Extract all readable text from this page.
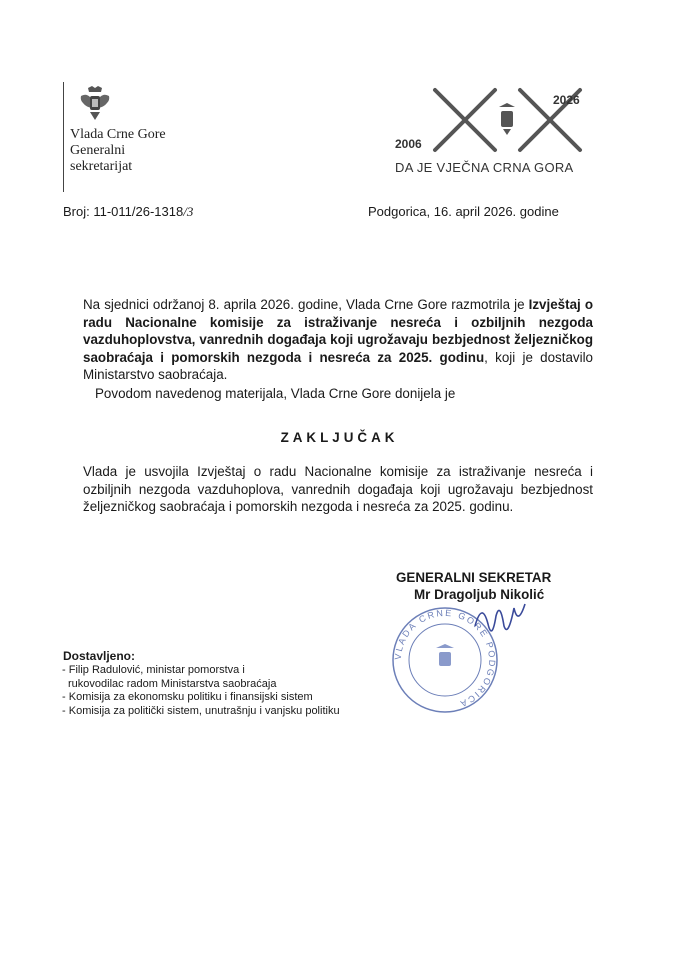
Vlada Crne Gore
Generalni
sekretarijat
2006
2026
DA JE VJEČNA CRNA GORA
Broj: 11-011/26-1318/3	Podgorica, 16. april 2026. godine
Na sjednici održanoj 8. aprila 2026. godine, Vlada Crne Gore razmotrila je Izvještaj o radu Nacionalne komisije za istraživanje nesreća i ozbiljnih nezgoda vazduhoplovstva, vanrednih događaja koji ugrožavaju bezbjednost željezničkog saobraćaja i pomorskih nezgoda i nesreća za 2025. godinu, koji je dostavilo Ministarstvo saobraćaja.
Povodom navedenog materijala, Vlada Crne Gore donijela je
ZAKLJUČAK
Vlada je usvojila Izvještaj o radu Nacionalne komisije za istraživanje nesreća i ozbiljnih nezgoda vazduhoplova, vanrednih događaja koji ugrožavaju bezbjednost željezničkog saobraćaja i pomorskih nezgoda i nesreća za 2025. godinu.
GENERALNI SEKRETAR
Mr Dragoljub Nikolić
VLADA CRNE GORE PODGORICA
Dostavljeno:
- Filip Radulović, ministar pomorstva i
rukovodilac radom Ministarstva saobraćaja
- Komisija za ekonomsku politiku i finansijski sistem
- Komisija za politički sistem, unutrašnju i vanjsku politiku
